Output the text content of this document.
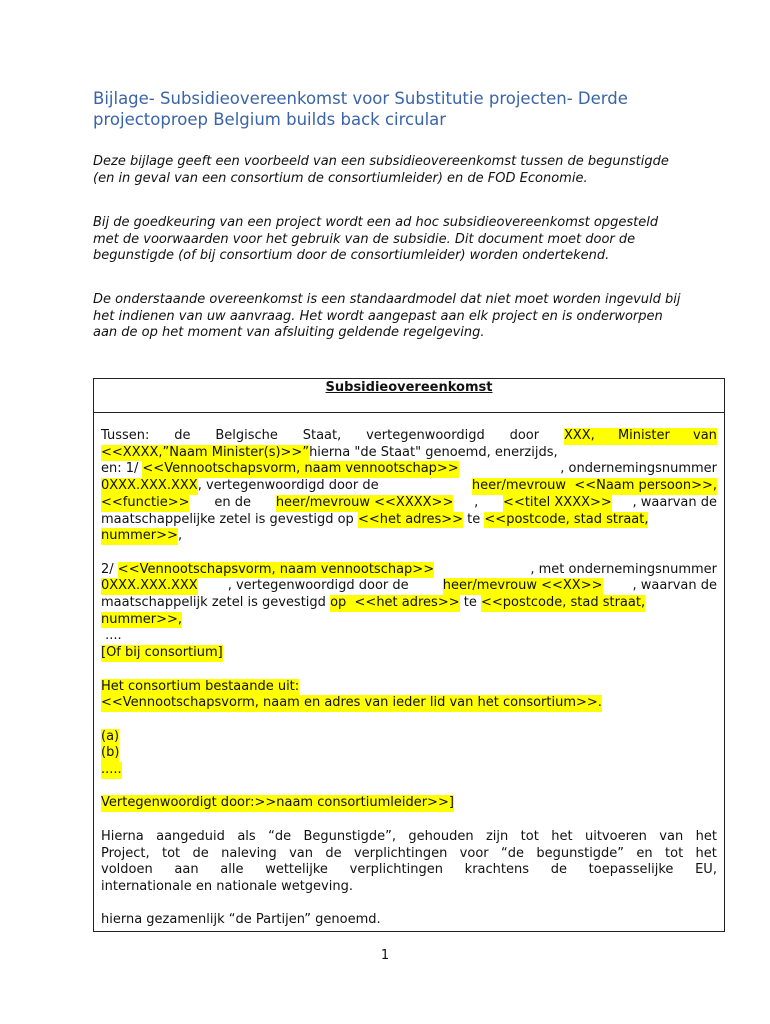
Bijlage- Subsidieovereenkomst voor Substitutie projecten- Derde projectoproep Belgium builds back circular

Deze bijlage geeft een voorbeeld van een subsidieovereenkomst tussen de begunstigde (en in geval van een consortium de consortiumleider) en de FOD Economie.

Bij de goedkeuring van een project wordt een ad hoc subsidieovereenkomst opgesteld met de voorwaarden voor het gebruik van de subsidie. Dit document moet door de begunstigde (of bij consortium door de consortiumleider) worden ondertekend.

De onderstaande overeenkomst is een standaardmodel dat niet moet worden ingevuld bij het indienen van uw aanvraag. Het wordt aangepast aan elk project en is onderworpen aan de op het moment van afsluiting geldende regelgeving.

Subsidieovereenkomst
Tussen: de Belgische Staat, vertegenwoordigd door XXX, Minister van
<<XXXX,”Naam Minister(s)>>” hierna "de Staat" genoemd, enerzijds,
en: 1/ <<Vennootschapsvorm, naam vennootschap>>	, ondernemingsnummer
0XXX.XXX.XXX , vertegenwoordigd door de	heer/mevrouw  <<Naam persoon>>,
<<functie>> en de heer/mevrouw <<XXXX>> , <<titel XXXX>> , waarvan de
maatschappelijke zetel is gevestigd op <<het adres>> te <<postcode, stad straat,
nummer>> ,
2/ <<Vennootschapsvorm, naam vennootschap>>	, met ondernemingsnummer
0XXX.XXX.XXX , vertegenwoordigd door de heer/mevrouw <<XX>> , waarvan de
maatschappelijk zetel is gevestigd op  <<het adres>> te <<postcode, stad straat,
nummer>>,
....
[Of bij consortium]
Het consortium bestaande uit:
<<Vennootschapsvorm, naam en adres van ieder lid van het consortium>>.
(a)
(b)
.....
Vertegenwoordigt door:>>naam consortiumleider>>]
Hierna aangeduid als “de Begunstigde”, gehouden zijn tot het uitvoeren van het
Project, tot de naleving van de verplichtingen voor “de begunstigde” en tot het
voldoen aan alle wettelijke verplichtingen krachtens de toepasselijke EU,
internationale en nationale wetgeving.
hierna gezamenlijk “de Partijen” genoemd.
1
